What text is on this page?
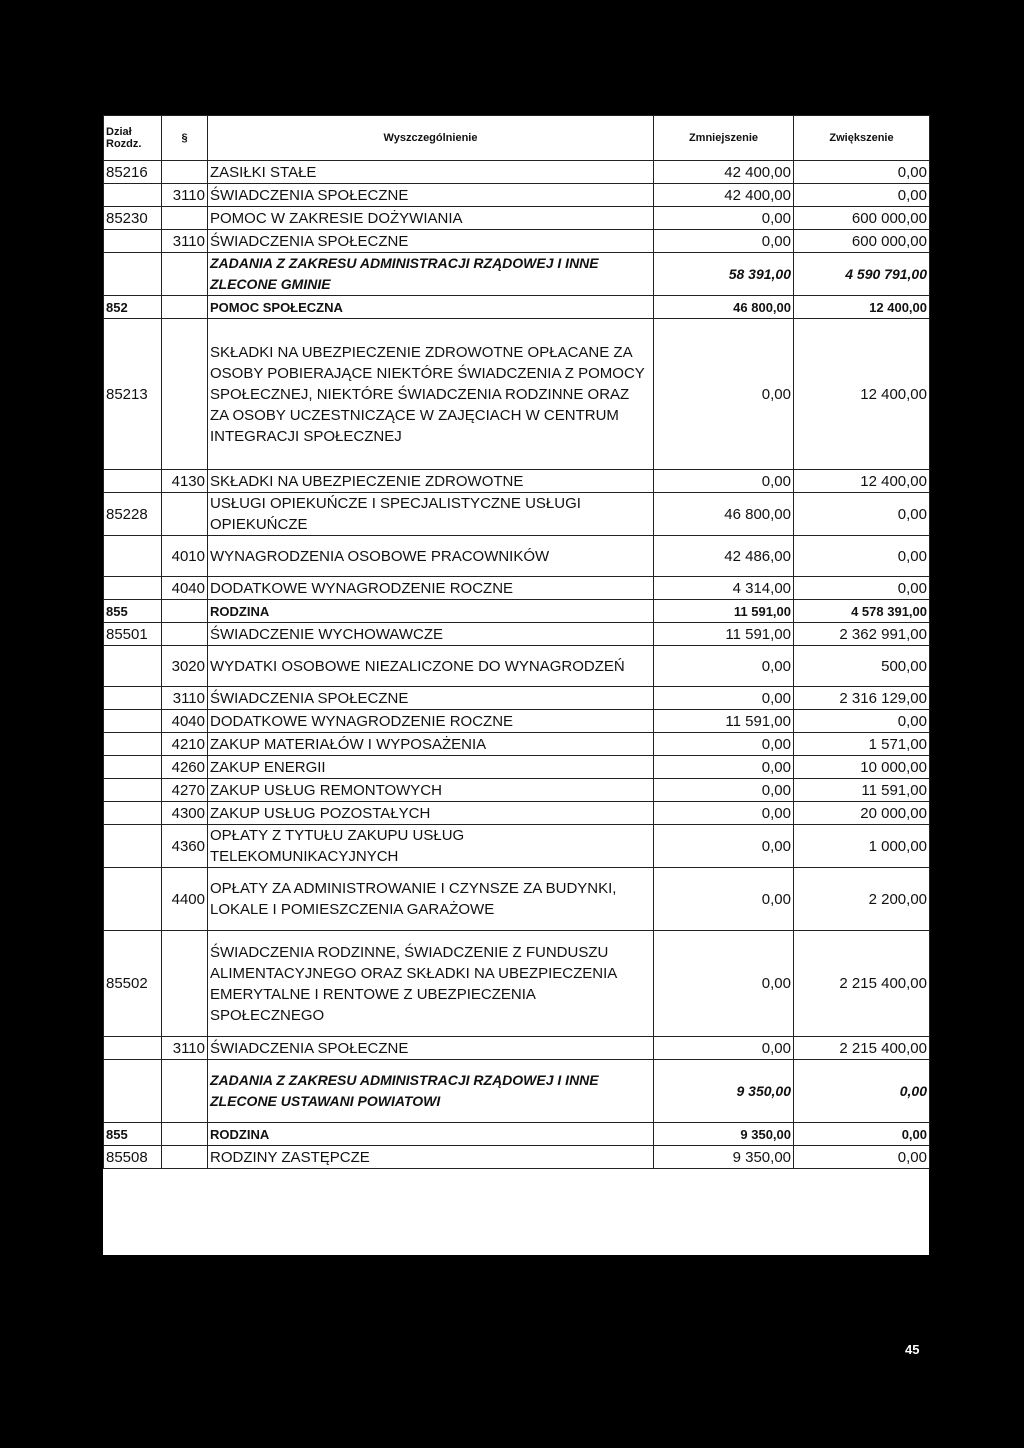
Dział Rozdz.	§	Wyszczególnienie	Zmniejszenie	Zwiększenie
85216		ZASIŁKI STAŁE	42 400,00	0,00
	3110	ŚWIADCZENIA SPOŁECZNE	42 400,00	0,00
85230		POMOC W ZAKRESIE DOŻYWIANIA	0,00	600 000,00
	3110	ŚWIADCZENIA SPOŁECZNE	0,00	600 000,00
		ZADANIA Z ZAKRESU ADMINISTRACJI RZĄDOWEJ I INNE ZLECONE GMINIE	58 391,00	4 590 791,00
852		POMOC SPOŁECZNA	46 800,00	12 400,00
85213		SKŁADKI NA UBEZPIECZENIE ZDROWOTNE OPŁACANE ZA OSOBY POBIERAJĄCE NIEKTÓRE ŚWIADCZENIA Z POMOCY SPOŁECZNEJ, NIEKTÓRE ŚWIADCZENIA RODZINNE ORAZ ZA OSOBY UCZESTNICZĄCE W ZAJĘCIACH W CENTRUM INTEGRACJI SPOŁECZNEJ	0,00	12 400,00
	4130	SKŁADKI NA UBEZPIECZENIE ZDROWOTNE	0,00	12 400,00
85228		USŁUGI OPIEKUŃCZE I SPECJALISTYCZNE USŁUGI OPIEKUŃCZE	46 800,00	0,00
	4010	WYNAGRODZENIA OSOBOWE PRACOWNIKÓW	42 486,00	0,00
	4040	DODATKOWE WYNAGRODZENIE ROCZNE	4 314,00	0,00
855		RODZINA	11 591,00	4 578 391,00
85501		ŚWIADCZENIE WYCHOWAWCZE	11 591,00	2 362 991,00
	3020	WYDATKI OSOBOWE NIEZALICZONE DO WYNAGRODZEŃ	0,00	500,00
	3110	ŚWIADCZENIA SPOŁECZNE	0,00	2 316 129,00
	4040	DODATKOWE WYNAGRODZENIE ROCZNE	11 591,00	0,00
	4210	ZAKUP MATERIAŁÓW I WYPOSAŻENIA	0,00	1 571,00
	4260	ZAKUP ENERGII	0,00	10 000,00
	4270	ZAKUP USŁUG REMONTOWYCH	0,00	11 591,00
	4300	ZAKUP USŁUG POZOSTAŁYCH	0,00	20 000,00
	4360	OPŁATY Z TYTUŁU ZAKUPU USŁUG TELEKOMUNIKACYJNYCH	0,00	1 000,00
	4400	OPŁATY ZA ADMINISTROWANIE I CZYNSZE ZA BUDYNKI, LOKALE I POMIESZCZENIA GARAŻOWE	0,00	2 200,00
85502		ŚWIADCZENIA RODZINNE, ŚWIADCZENIE Z FUNDUSZU ALIMENTACYJNEGO ORAZ SKŁADKI NA UBEZPIECZENIA EMERYTALNE I RENTOWE Z UBEZPIECZENIA SPOŁECZNEGO	0,00	2 215 400,00
	3110	ŚWIADCZENIA SPOŁECZNE	0,00	2 215 400,00
		ZADANIA Z ZAKRESU ADMINISTRACJI RZĄDOWEJ I INNE ZLECONE USTAWANI POWIATOWI	9 350,00	0,00
855		RODZINA	9 350,00	0,00
85508		RODZINY ZASTĘPCZE	9 350,00	0,00
45
